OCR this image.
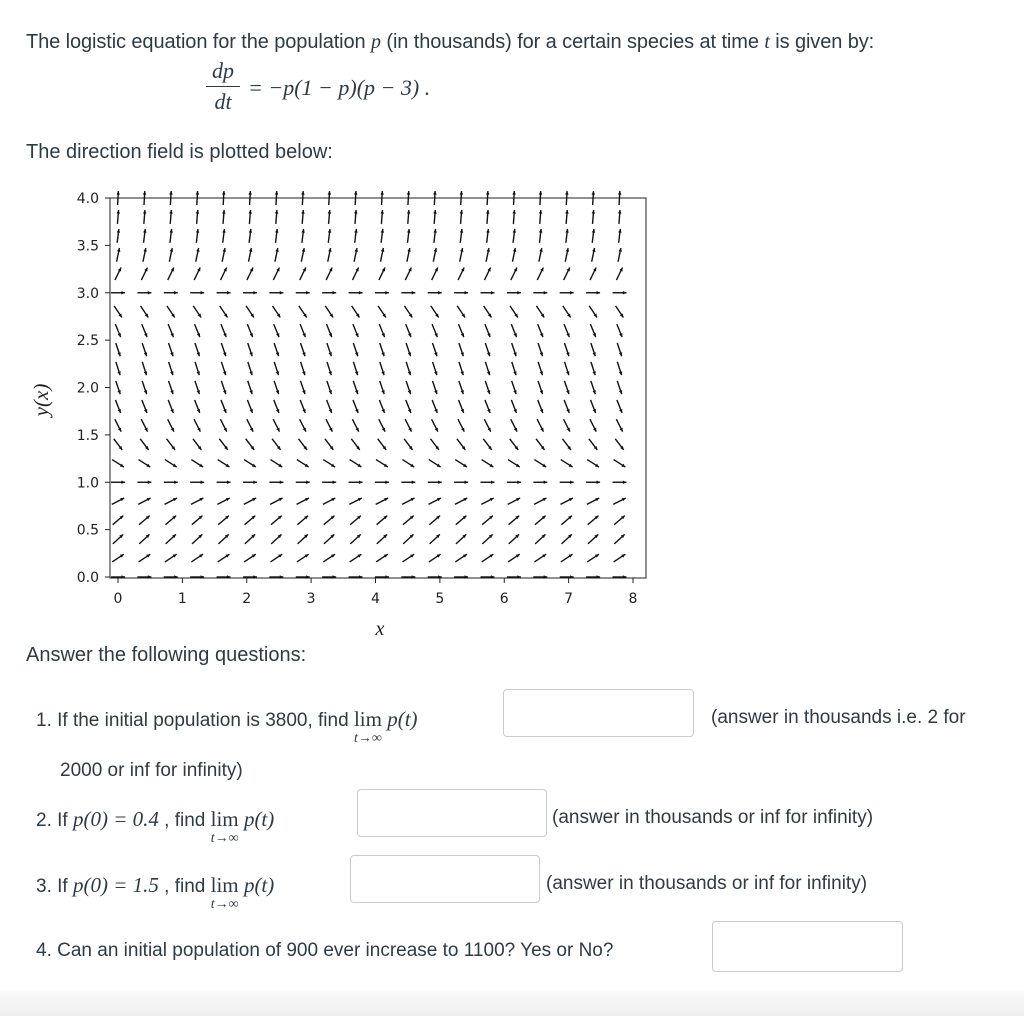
The logistic equation for the population p (in thousands) for a certain species at time t is given by:
dp
dt
= −p(1 − p)(p − 3) .
The direction field is plotted below:
y(x)
x
0.0
0.5
1.0
1.5
2.0
2.5
3.0
3.5
4.0
0	1	2	3	4	5	6	7	8
Answer the following questions:
1. If the initial population is 3800, find lim
t→∞
p(t)	(answer in thousands i.e. 2 for
2000 or inf for infinity)
2. If p(0) = 0.4 , find lim
t→∞
p(t)	(answer in thousands or inf for infinity)
3. If p(0) = 1.5 , find lim
t→∞
p(t)	(answer in thousands or inf for infinity)
4. Can an initial population of 900 ever increase to 1100? Yes or No?
